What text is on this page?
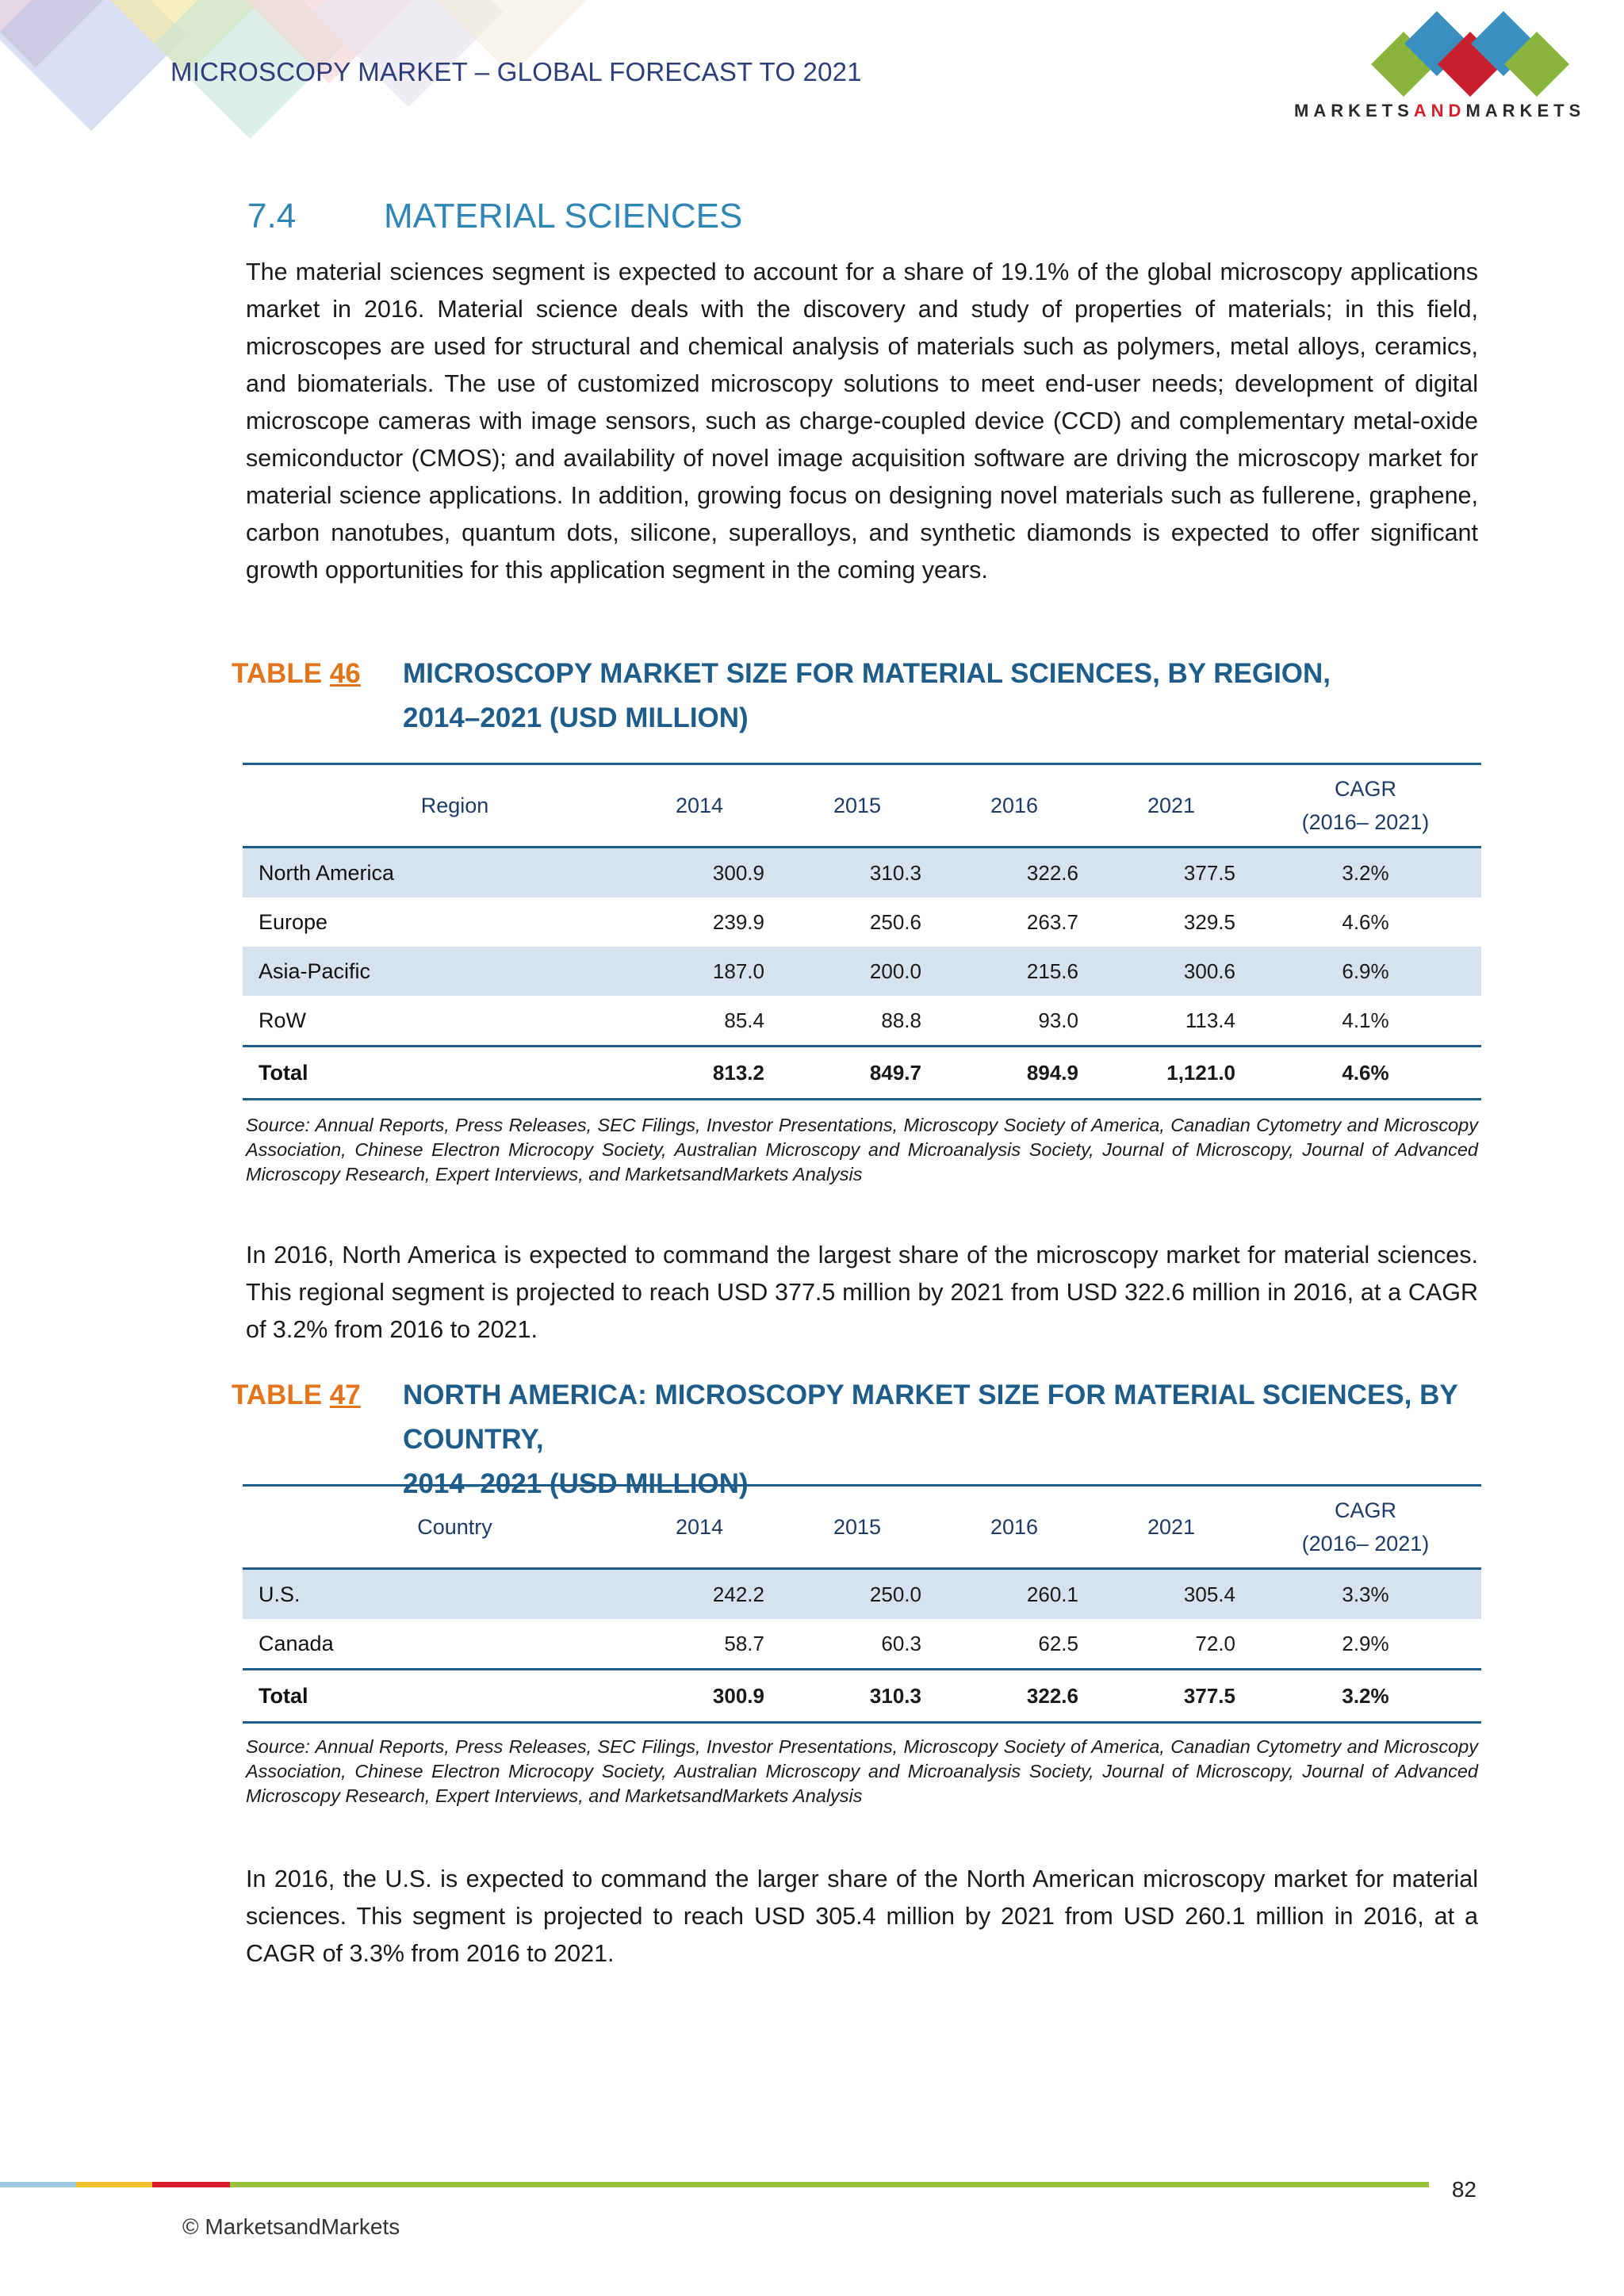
MICROSCOPY MARKET – GLOBAL FORECAST TO 2021
MARKETSANDMARKETS
7.4	MATERIAL SCIENCES
The material sciences segment is expected to account for a share of 19.1% of the global microscopy applications market in 2016. Material science deals with the discovery and study of properties of materials; in this field, microscopes are used for structural and chemical analysis of materials such as polymers, metal alloys, ceramics, and biomaterials. The use of customized microscopy solutions to meet end-user needs; development of digital microscope cameras with image sensors, such as charge-coupled device (CCD) and complementary metal-oxide semiconductor (CMOS); and availability of novel image acquisition software are driving the microscopy market for material science applications. In addition, growing focus on designing novel materials such as fullerene, graphene, carbon nanotubes, quantum dots, silicone, superalloys, and synthetic diamonds is expected to offer significant growth opportunities for this application segment in the coming years.
TABLE 46 MICROSCOPY MARKET SIZE FOR MATERIAL SCIENCES, BY REGION,
2014–2021 (USD MILLION)
Region	2014	2015	2016	2021	CAGR
(2016– 2021)

North America	300.9	310.3	322.6	377.5	3.2%
Europe	239.9	250.6	263.7	329.5	4.6%
Asia-Pacific	187.0	200.0	215.6	300.6	6.9%
RoW	85.4	88.8	93.0	113.4	4.1%
Total	813.2	849.7	894.9	1,121.0	4.6%
Source: Annual Reports, Press Releases, SEC Filings, Investor Presentations, Microscopy Society of America, Canadian Cytometry and Microscopy Association, Chinese Electron Microcopy Society, Australian Microscopy and Microanalysis Society, Journal of Microscopy, Journal of Advanced Microscopy Research, Expert Interviews, and MarketsandMarkets Analysis
In 2016, North America is expected to command the largest share of the microscopy market for material sciences. This regional segment is projected to reach USD 377.5 million by 2021 from USD 322.6 million in 2016, at a CAGR of 3.2% from 2016 to 2021.
TABLE 47 NORTH AMERICA: MICROSCOPY MARKET SIZE FOR MATERIAL SCIENCES, BY COUNTRY,
2014–2021 (USD MILLION)
Country	2014	2015	2016	2021	CAGR
(2016– 2021)

U.S.	242.2	250.0	260.1	305.4	3.3%
Canada	58.7	60.3	62.5	72.0	2.9%
Total	300.9	310.3	322.6	377.5	3.2%
Source: Annual Reports, Press Releases, SEC Filings, Investor Presentations, Microscopy Society of America, Canadian Cytometry and Microscopy Association, Chinese Electron Microcopy Society, Australian Microscopy and Microanalysis Society, Journal of Microscopy, Journal of Advanced Microscopy Research, Expert Interviews, and MarketsandMarkets Analysis
In 2016, the U.S. is expected to command the larger share of the North American microscopy market for material sciences. This segment is projected to reach USD 305.4 million by 2021 from USD 260.1 million in 2016, at a CAGR of 3.3% from 2016 to 2021.
82
© MarketsandMarkets
